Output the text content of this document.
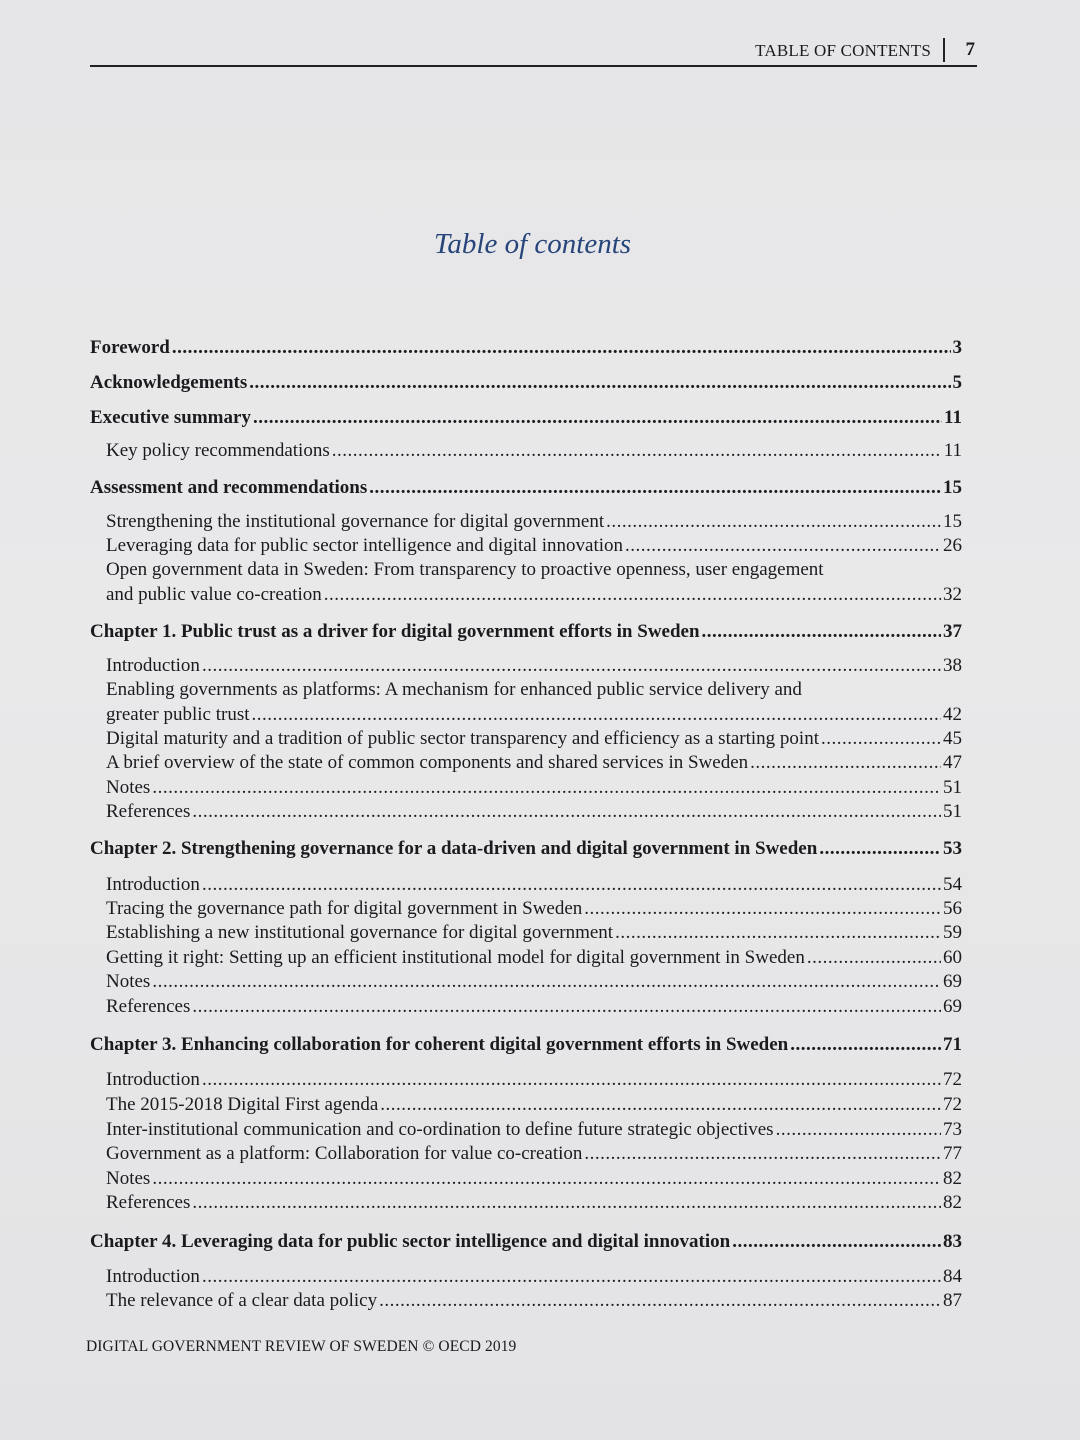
TABLE OF CONTENTS 7
Table of contents
Foreword .....	3
Acknowledgements .....	5
Executive summary .....	11
Key policy recommendations .....	11
Assessment and recommendations .....	15
Strengthening the institutional governance for digital government .....	15
Leveraging data for public sector intelligence and digital innovation .....	26
Open government data in Sweden: From transparency to proactive openness, user engagement
and public value co-creation .....	32
Chapter 1. Public trust as a driver for digital government efforts in Sweden .....	37
Introduction .....	38
Enabling governments as platforms: A mechanism for enhanced public service delivery and
greater public trust .....	42
Digital maturity and a tradition of public sector transparency and efficiency as a starting point .....	45
A brief overview of the state of common components and shared services in Sweden .....	47
Notes .....	51
References .....	51
Chapter 2. Strengthening governance for a data-driven and digital government in Sweden .....	53
Introduction .....	54
Tracing the governance path for digital government in Sweden .....	56
Establishing a new institutional governance for digital government .....	59
Getting it right: Setting up an efficient institutional model for digital government in Sweden .....	60
Notes .....	69
References .....	69
Chapter 3. Enhancing collaboration for coherent digital government efforts in Sweden .....	71
Introduction .....	72
The 2015-2018 Digital First agenda .....	72
Inter-institutional communication and co-ordination to define future strategic objectives .....	73
Government as a platform: Collaboration for value co-creation .....	77
Notes .....	82
References .....	82
Chapter 4. Leveraging data for public sector intelligence and digital innovation .....	83
Introduction .....	84
The relevance of a clear data policy .....	87
DIGITAL GOVERNMENT REVIEW OF SWEDEN © OECD 2019
